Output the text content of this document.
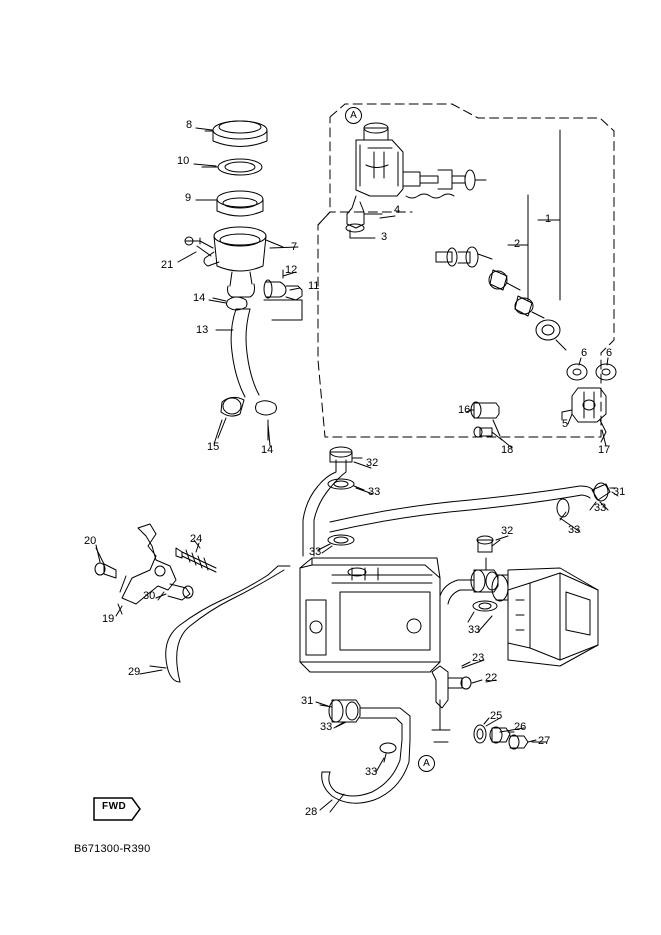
A
A
8
10
9
4
1
3
7	2
21	12
11
14
13
6 6
16
15	14
5
18	17
32
33	31
33
32	33
24
33
20
30
19
33
29
23
22
31
25
26
33
27
33
28
FWD
B671300-R390
